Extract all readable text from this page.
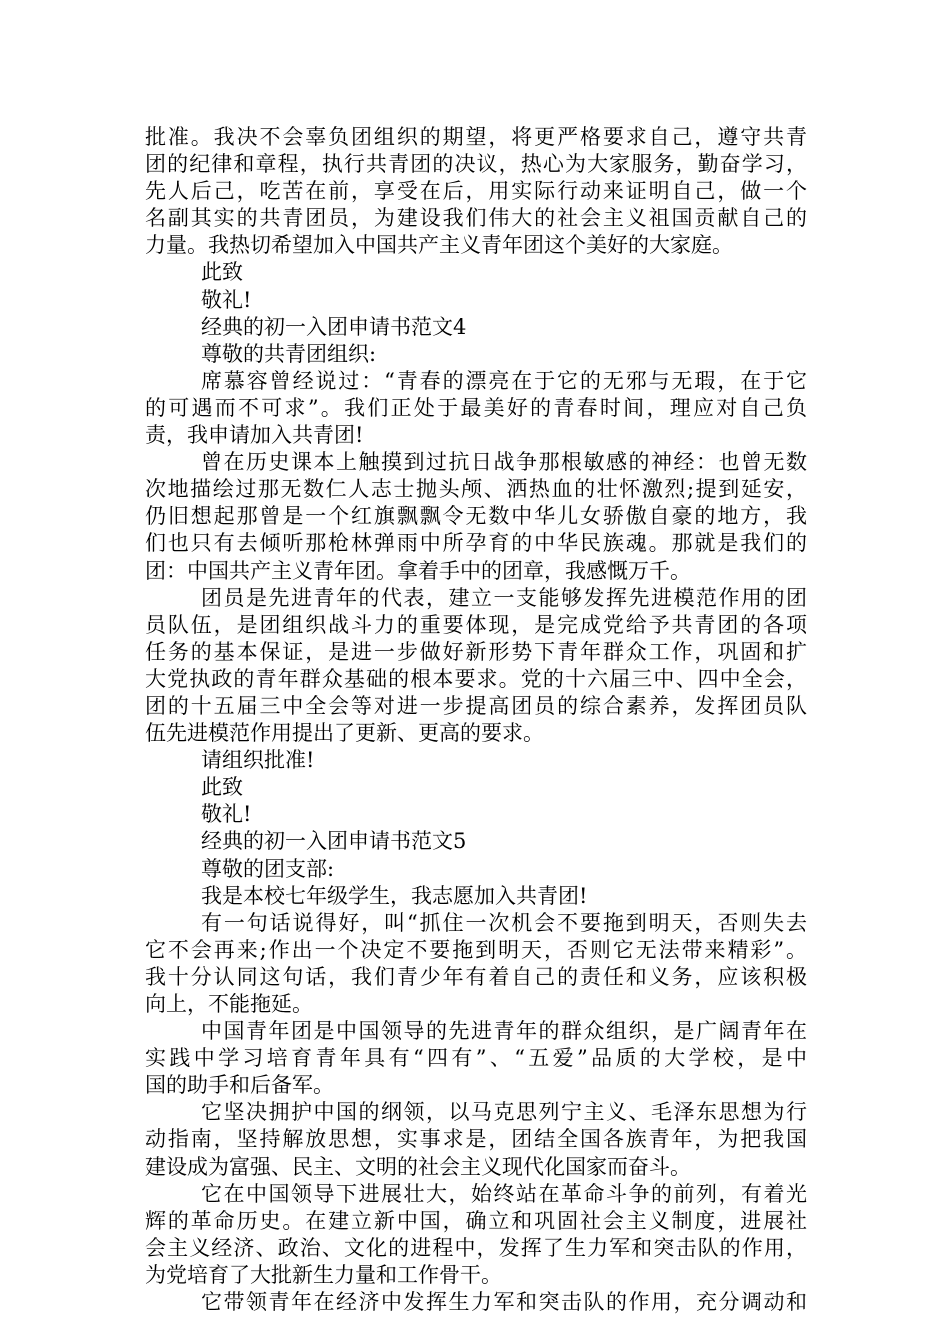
批准。我决不会辜负团组织的期望，将更严格要求自己，遵守共青
团的纪律和章程，执行共青团的决议，热心为大家服务，勤奋学习，
先人后己，吃苦在前，享受在后，用实际行动来证明自己，做一个
名副其实的共青团员，为建设我们伟大的社会主义祖国贡献自己的
力量。我热切希望加入中国共产主义青年团这个美好的大家庭。
此致
敬礼!
经典的初一入团申请书范文4
尊敬的共青团组织:
席慕容曾经说过：“青春的漂亮在于它的无邪与无瑕，在于它
的可遇而不可求”。我们正处于最美好的青春时间，理应对自己负
责，我申请加入共青团!
曾在历史课本上触摸到过抗日战争那根敏感的神经：也曾无数
次地描绘过那无数仁人志士抛头颅、洒热血的壮怀激烈;提到延安，
仍旧想起那曾是一个红旗飘飘令无数中华儿女骄傲自豪的地方，我
们也只有去倾听那枪林弹雨中所孕育的中华民族魂。那就是我们的
团：中国共产主义青年团。拿着手中的团章，我感慨万千。
团员是先进青年的代表，建立一支能够发挥先进模范作用的团
员队伍，是团组织战斗力的重要体现，是完成党给予共青团的各项
任务的基本保证，是进一步做好新形势下青年群众工作，巩固和扩
大党执政的青年群众基础的根本要求。党的十六届三中、四中全会，
团的十五届三中全会等对进一步提高团员的综合素养，发挥团员队
伍先进模范作用提出了更新、更高的要求。
请组织批准!
此致
敬礼!
经典的初一入团申请书范文5
尊敬的团支部:
我是本校七年级学生，我志愿加入共青团!
有一句话说得好，叫“抓住一次机会不要拖到明天，否则失去
它不会再来;作出一个决定不要拖到明天，否则它无法带来精彩”。
我十分认同这句话，我们青少年有着自己的责任和义务，应该积极
向上，不能拖延。
中国青年团是中国领导的先进青年的群众组织，是广阔青年在
实践中学习培育青年具有“四有”、“五爱”品质的大学校，是中
国的助手和后备军。
它坚决拥护中国的纲领，以马克思列宁主义、毛泽东思想为行
动指南，坚持解放思想，实事求是，团结全国各族青年，为把我国
建设成为富强、民主、文明的社会主义现代化国家而奋斗。
它在中国领导下进展壮大，始终站在革命斗争的前列，有着光
辉的革命历史。在建立新中国，确立和巩固社会主义制度，进展社
会主义经济、政治、文化的进程中，发挥了生力军和突击队的作用，
为党培育了大批新生力量和工作骨干。
它带领青年在经济中发挥生力军和突击队的作用，充分调动和
